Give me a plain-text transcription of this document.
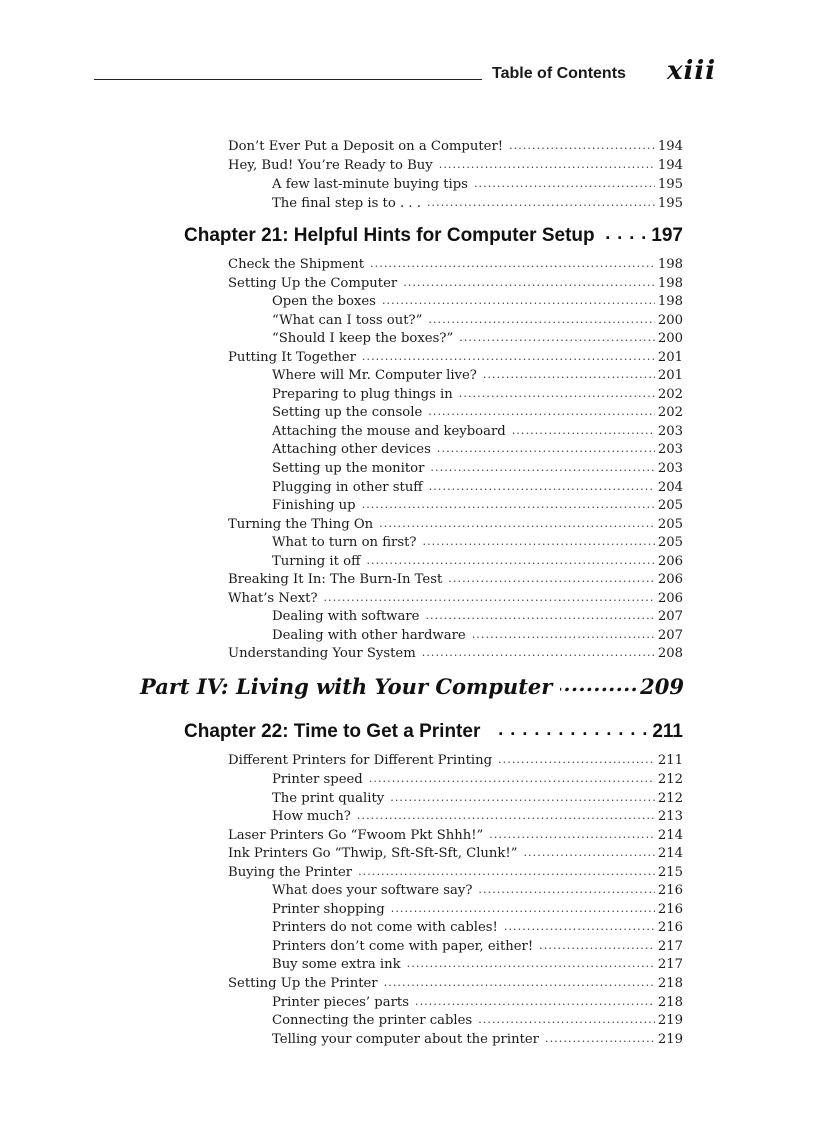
Table of Contents xiii
Don’t Ever Put a Deposit on a Computer! .....	194
Hey, Bud! You’re Ready to Buy .....	194
A few last-minute buying tips .....	195
The final step is to . . . .....	195
Chapter 21: Helpful Hints for Computer Setup . . .	197
Check the Shipment .....	198
Setting Up the Computer .....	198
Open the boxes .....	198
“What can I toss out?” .....	200
“Should I keep the boxes?” .....	200
Putting It Together .....	201
Where will Mr. Computer live? .....	201
Preparing to plug things in .....	202
Setting up the console .....	202
Attaching the mouse and keyboard .....	203
Attaching other devices .....	203
Setting up the monitor .....	203
Plugging in other stuff .....	204
Finishing up .....	205
Turning the Thing On .....	205
What to turn on first? .....	205
Turning it off .....	206
Breaking It In: The Burn-In Test .....	206
What’s Next? .....	206
Dealing with software .....	207
Dealing with other hardware .....	207
Understanding Your System .....	208
Part IV: Living with Your Computer .....	209
Chapter 22: Time to Get a Printer . . .	211
Different Printers for Different Printing .....	211
Printer speed .....	212
The print quality .....	212
How much? .....	213
Laser Printers Go “Fwoom Pkt Shhh!” .....	214
Ink Printers Go “Thwip, Sft-Sft-Sft, Clunk!” .....	214
Buying the Printer .....	215
What does your software say? .....	216
Printer shopping .....	216
Printers do not come with cables! .....	216
Printers don’t come with paper, either! .....	217
Buy some extra ink .....	217
Setting Up the Printer .....	218
Printer pieces’ parts .....	218
Connecting the printer cables .....	219
Telling your computer about the printer .....	219
